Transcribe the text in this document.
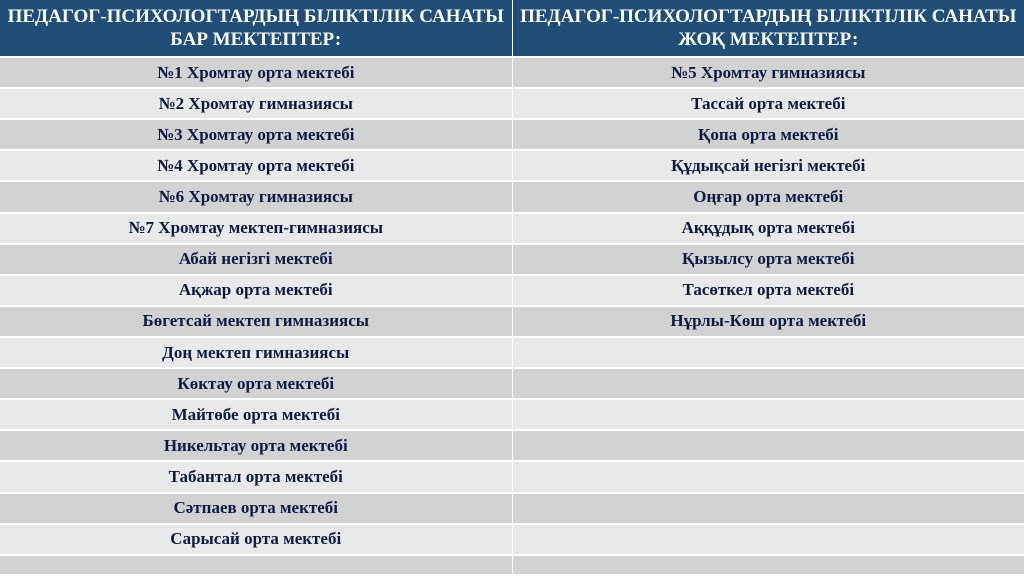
ПЕДАГОГ-ПСИХОЛОГТАРДЫҢ БІЛІКТІЛІК САНАТЫ БАР МЕКТЕПТЕР:	ПЕДАГОГ-ПСИХОЛОГТАРДЫҢ БІЛІКТІЛІК САНАТЫ ЖОҚ МЕКТЕПТЕР:
№1 Хромтау орта мектебі	№5 Хромтау гимназиясы
№2 Хромтау гимназиясы	Тассай орта мектебі
№3 Хромтау орта мектебі	Қопа орта мектебі
№4 Хромтау орта мектебі	Құдықсай негізгі мектебі
№6 Хромтау гимназиясы	Оңғар орта мектебі
№7 Хромтау мектеп-гимназиясы	Аққұдық орта мектебі
Абай негізгі мектебі	Қызылсу орта мектебі
Ақжар орта мектебі	Тасөткел орта мектебі
Бөгетсай мектеп гимназиясы	Нұрлы-Көш орта мектебі
Доң мектеп гимназиясы	
Көктау орта мектебі	
Майтөбе орта мектебі	
Никельтау орта мектебі	
Табантал орта мектебі	
Сәтпаев орта мектебі	
Сарысай орта мектебі	
